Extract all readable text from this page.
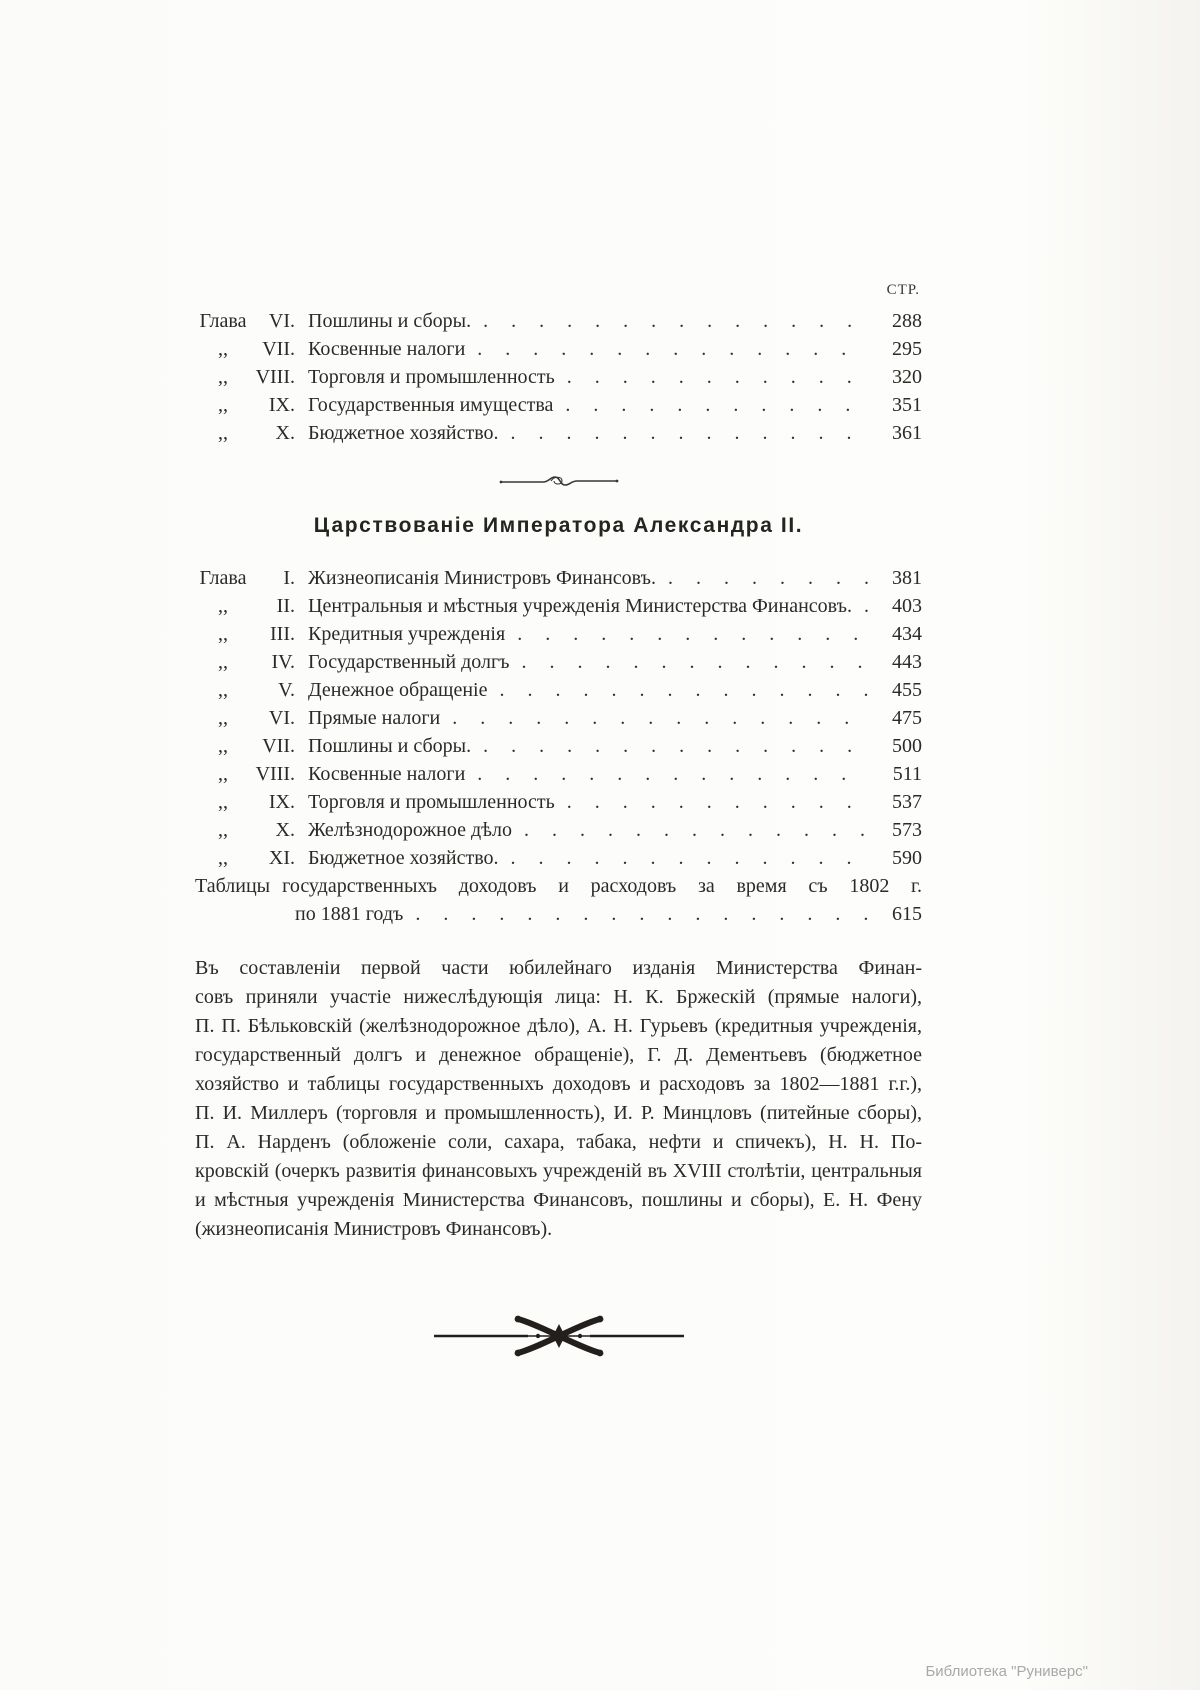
СТР.
Глава	VI. Пошлины и сборы. . . .	288
,,	VII. Косвенные налоги . . .	295
,,	VIII. Торговля и промышленность . . .	320
,,	IX. Государственныя имущества . . .	351
,,	X. Бюджетное хозяйство. . . .	361
Царствованіе Императора Александра II.
Глава	I. Жизнеописанія Министровъ Финансовъ. . . .	381
,,	II. Центральныя и мѣстныя учрежденія Министерства Финансовъ. . . .	403
,,	III. Кредитныя учрежденія . . .	434
,,	IV. Государственный долгъ . . .	443
,,	V. Денежное обращеніе . . .	455
,,	VI. Прямые налоги . . .	475
,,	VII. Пошлины и сборы. . . .	500
,,	VIII. Косвенные налоги . . .	511
,,	IX. Торговля и промышленность . . .	537
,,	X. Желѣзнодорожное дѣло . . .	573
,,	XI. Бюджетное хозяйство. . . .	590
Таблицы государственныхъ доходовъ и расходовъ за время съ 1802 г.
по 1881 годъ . . .	615
Въ составленіи первой части юбилейнаго изданія Министерства Финан-
совъ приняли участіе нижеслѣдующія лица: Н. К. Бржескій (прямые налоги),
П. П. Бѣльковскій (желѣзнодорожное дѣло), А. Н. Гурьевъ (кредитныя учрежденія,
государственный долгъ и денежное обращеніе), Г. Д. Дементьевъ (бюджетное
хозяйство и таблицы государственныхъ доходовъ и расходовъ за 1802—1881 г.г.),
П. И. Миллеръ (торговля и промышленность), И. Р. Минцловъ (питейные сборы),
П. А. Нарденъ (обложеніе соли, сахара, табака, нефти и спичекъ), Н. Н. По-
кровскій (очеркъ развитія финансовыхъ учрежденій въ XVIII столѣтіи, центральныя
и мѣстныя учрежденія Министерства Финансовъ, пошлины и сборы), Е. Н. Фену
(жизнеописанія Министровъ Финансовъ).
Библиотека "Руниверс"
